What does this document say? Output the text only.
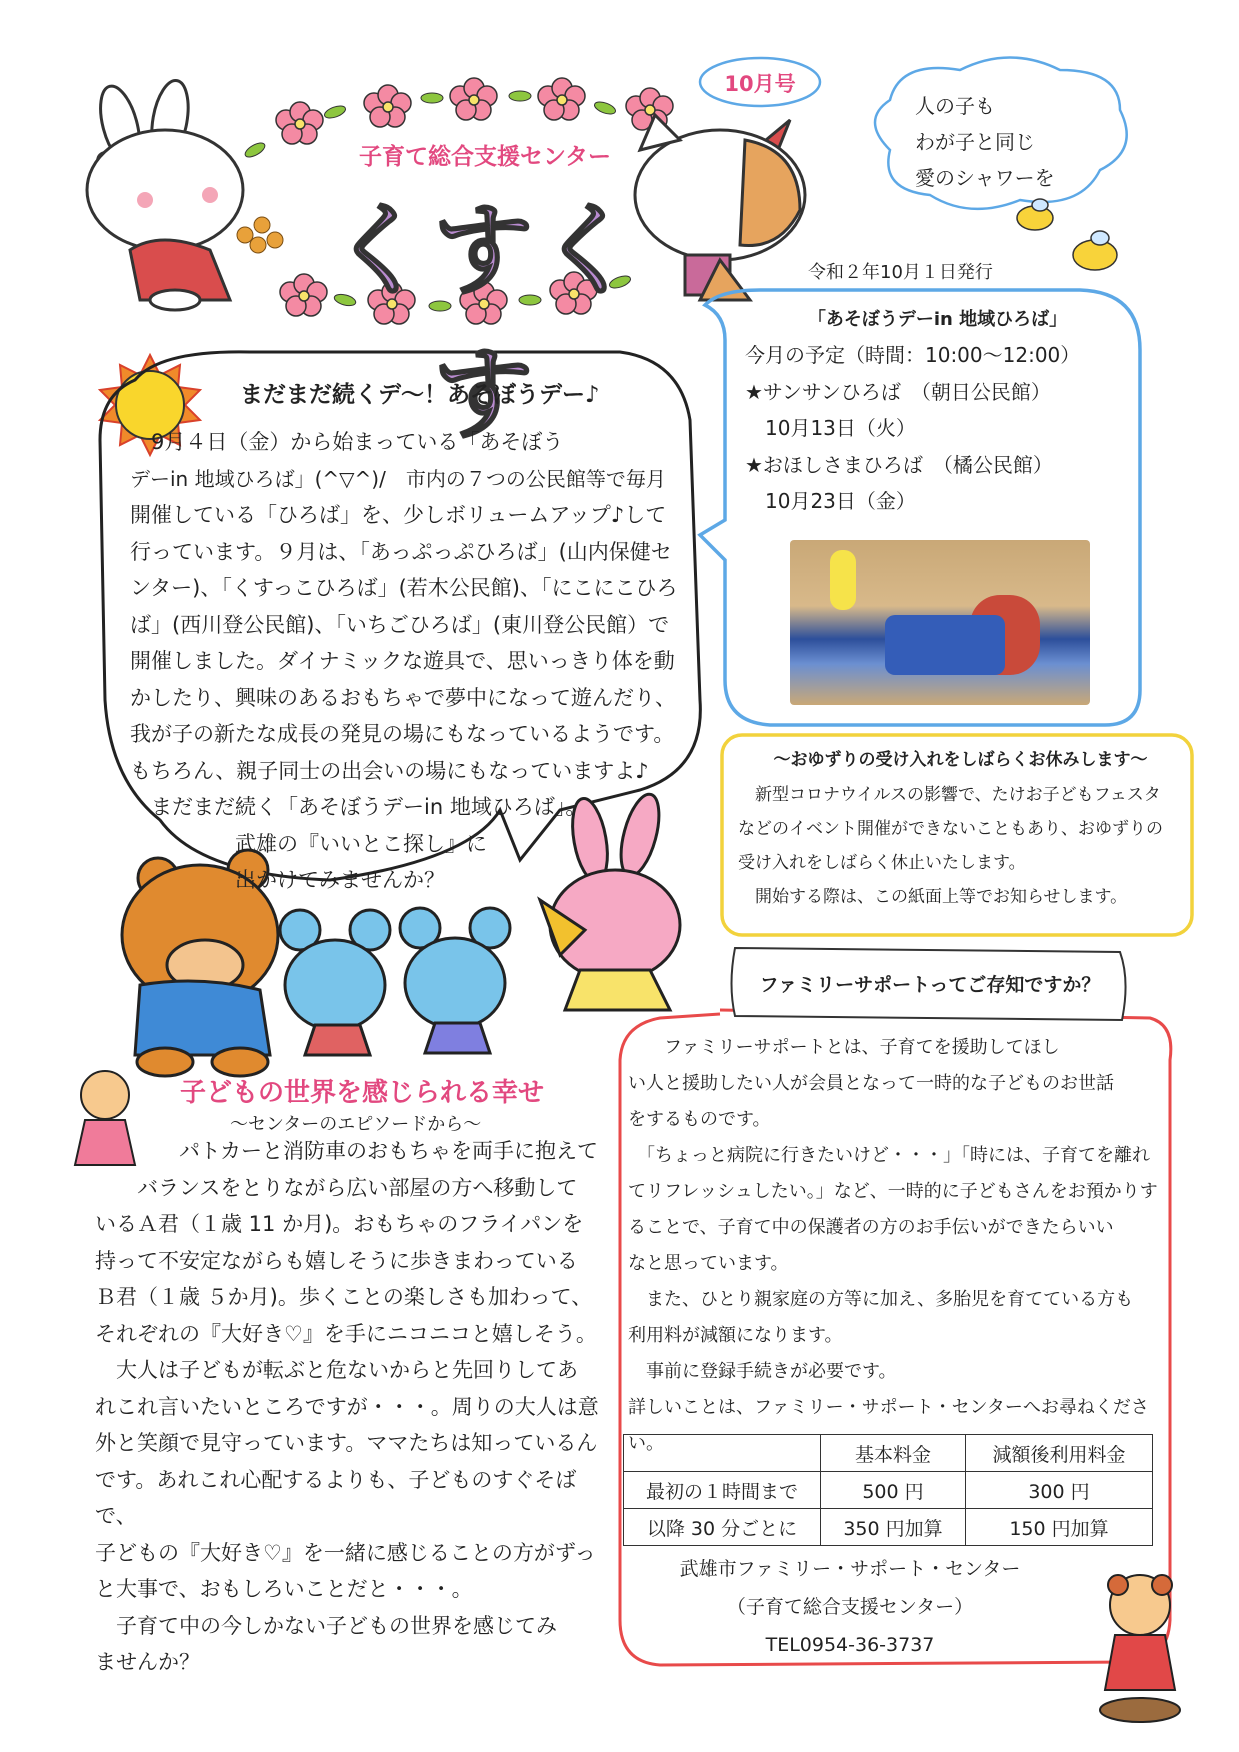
10月号
子育て総合支援センター
くすくす
人の子も
わが子と同じ
愛のシャワーを
令和２年10月１日発行
「あそぼうデーin 地域ひろば」
今月の予定（時間：10:00〜12:00）
★サンサンひろば　（朝日公民館）
　10月13日（火）
★おほしさまひろば　（橘公民館）
　10月23日（金）
まだまだ続くデ〜！あそぼうデー♪
　9月４日（金）から始まっている「あそぼう
デーin 地域ひろば」(^▽^)/　市内の７つの公民館等で毎月
開催している「ひろば」を、少しボリュームアップ♪して
行っています。９月は、「あっぷっぷひろば」(山内保健セ
ンター)、「くすっこひろば」(若木公民館)、「にこにこひろ
ば」(西川登公民館)、「いちごひろば」(東川登公民館）で
開催しました。ダイナミックな遊具で、思いっきり体を動
かしたり、興味のあるおもちゃで夢中になって遊んだり、
我が子の新たな成長の発見の場にもなっているようです。
もちろん、親子同士の出会いの場にもなっていますよ♪
　まだまだ続く「あそぼうデーin 地域ひろば」。
　　　　　武雄の『いいとこ探し』に
　　　　　出かけてみませんか？
〜おゆずりの受け入れをしばらくお休みします〜
　新型コロナウイルスの影響で、たけお子どもフェスタ
などのイベント開催ができないこともあり、おゆずりの
受け入れをしばらく休止いたします。
　開始する際は、この紙面上等でお知らせします。
子どもの世界を感じられる幸せ
〜センターのエピソードから〜
　　　　パトカーと消防車のおもちゃを両手に抱えて
　　バランスをとりながら広い部屋の方へ移動して
いるＡ君（１歳 11 か月)。おもちゃのフライパンを
持って不安定ながらも嬉しそうに歩きまわっている
Ｂ君（１歳 ５か月)。歩くことの楽しさも加わって、
それぞれの『大好き♡』を手にニコニコと嬉しそう。
　大人は子どもが転ぶと危ないからと先回りしてあ
れこれ言いたいところですが・・・。周りの大人は意
外と笑顔で見守っています。ママたちは知っているん
です。あれこれ心配するよりも、子どものすぐそばで、
子どもの『大好き♡』を一緒に感じることの方がずっ
と大事で、おもしろいことだと・・・。
　子育て中の今しかない子どもの世界を感じてみ
ませんか？
ファミリーサポートってご存知ですか？
　　ファミリーサポートとは、子育てを援助してほし
い人と援助したい人が会員となって一時的な子どものお世話
をするものです。
　「ちょっと病院に行きたいけど・・・」「時には、子育てを離れ
てリフレッシュしたい。」など、一時的に子どもさんをお預かりす
ることで、子育て中の保護者の方のお手伝いができたらいい
なと思っています。
　また、ひとり親家庭の方等に加え、多胎児を育てている方も
利用料が減額になります。
　事前に登録手続きが必要です。
詳しいことは、ファミリー・サポート・センターへお尋ねください。
		基本料金	減額後利用料金
最初の１時間まで	500 円	300 円
以降 30 分ごとに	350 円加算	150 円加算
武雄市ファミリー・サポート・センター
（子育て総合支援センター）
TEL0954-36-3737
